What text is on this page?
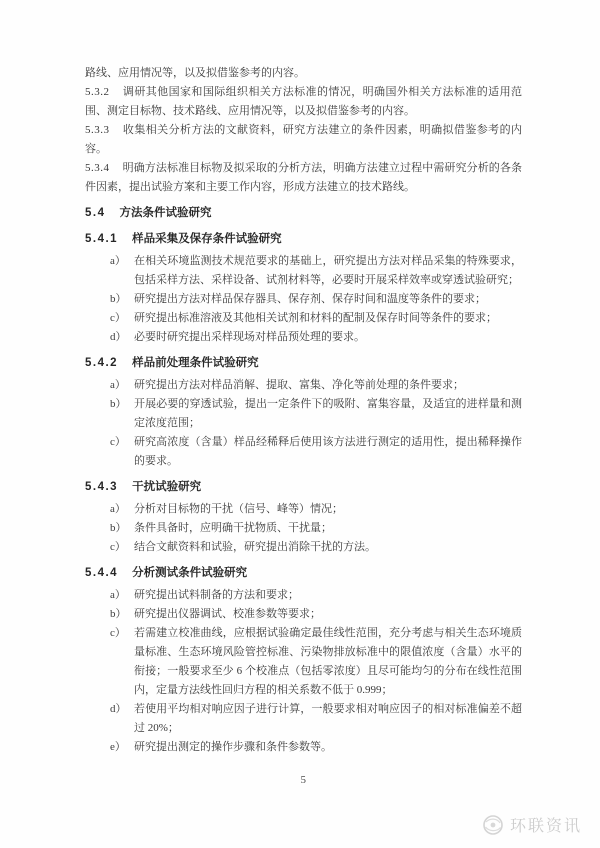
路线、应用情况等，以及拟借鉴参考的内容。

5.3.2 调研其他国家和国际组织相关方法标准的情况，明确国外相关方法标准的适用范围、测定目标物、技术路线、应用情况等，以及拟借鉴参考的内容。

5.3.3 收集相关分析方法的文献资料，研究方法建立的条件因素，明确拟借鉴参考的内容。

5.3.4 明确方法标准目标物及拟采取的分析方法，明确方法建立过程中需研究分析的各条件因素，提出试验方案和主要工作内容，形成方法建立的技术路线。

5.4 方法条件试验研究
5.4.1 样品采集及保存条件试验研究
a） 在相关环境监测技术规范要求的基础上，研究提出方法对样品采集的特殊要求，包括采样方法、采样设备、试剂材料等，必要时开展采样效率或穿透试验研究；
b） 研究提出方法对样品保存器具、保存剂、保存时间和温度等条件的要求；
c） 研究提出标准溶液及其他相关试剂和材料的配制及保存时间等条件的要求；
d） 必要时研究提出采样现场对样品预处理的要求。
5.4.2 样品前处理条件试验研究
a） 研究提出方法对样品消解、提取、富集、净化等前处理的条件要求；
b） 开展必要的穿透试验，提出一定条件下的吸附、富集容量，及适宜的进样量和测定浓度范围；
c） 研究高浓度（含量）样品经稀释后使用该方法进行测定的适用性，提出稀释操作的要求。
5.4.3 干扰试验研究
a） 分析对目标物的干扰（信号、峰等）情况；
b） 条件具备时，应明确干扰物质、干扰量；
c） 结合文献资料和试验，研究提出消除干扰的方法。
5.4.4 分析测试条件试验研究
a） 研究提出试料制备的方法和要求；
b） 研究提出仪器调试、校准参数等要求；
c） 若需建立校准曲线，应根据试验确定最佳线性范围，充分考虑与相关生态环境质量标准、生态环境风险管控标准、污染物排放标准中的限值浓度（含量）水平的衔接；一般要求至少 6 个校准点（包括零浓度）且尽可能均匀的分布在线性范围内，定量方法线性回归方程的相关系数不低于 0.999；
d） 若使用平均相对响应因子进行计算，一般要求相对响应因子的相对标准偏差不超过 20%；
e） 研究提出测定的操作步骤和条件参数等。
5
环联资讯
